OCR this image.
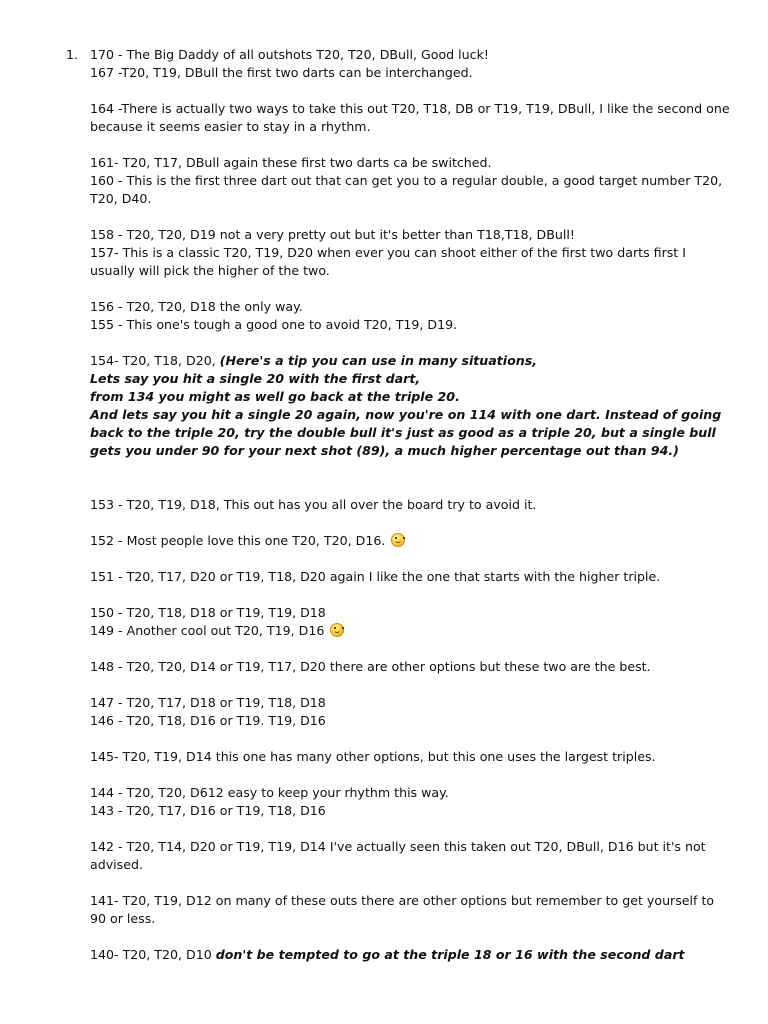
1. 170 - The Big Daddy of all outshots T20, T20, DBull, Good luck!

167 -T20, T19, DBull the first two darts can be interchanged.

164 -There is actually two ways to take this out T20, T18, DB or T19, T19, DBull, I like the second one because it seems easier to stay in a rhythm.

161- T20, T17, DBull again these first two darts ca be switched.

160 - This is the first three dart out that can get you to a regular double, a good target number T20, T20, D40.

158 - T20, T20, D19 not a very pretty out but it's better than T18,T18, DBull!

157- This is a classic T20, T19, D20 when ever you can shoot either of the first two darts first I usually will pick the higher of the two.

156 - T20, T20, D18 the only way.

155 - This one's tough a good one to avoid T20, T19, D19.

154- T20, T18, D20, (Here's a tip you can use in many situations,

Lets say you hit a single 20 with the first dart,

from 134 you might as well go back at the triple 20.

And lets say you hit a single 20 again, now you're on 114 with one dart. Instead of going back to the triple 20, try the double bull it's just as good as a triple 20, but a single bull gets you under 90 for your next shot (89), a much higher percentage out than 94.)

153 - T20, T19, D18, This out has you all over the board try to avoid it.

152 - Most people love this one T20, T20, D16.

151 - T20, T17, D20 or T19, T18, D20 again I like the one that starts with the higher triple.

150 - T20, T18, D18 or T19, T19, D18

149 - Another cool out T20, T19, D16

148 - T20, T20, D14 or T19, T17, D20 there are other options but these two are the best.

147 - T20, T17, D18 or T19, T18, D18

146 - T20, T18, D16 or T19. T19, D16

145- T20, T19, D14 this one has many other options, but this one uses the largest triples.

144 - T20, T20, D612 easy to keep your rhythm this way.

143 - T20, T17, D16 or T19, T18, D16

142 - T20, T14, D20 or T19, T19, D14 I've actually seen this taken out T20, DBull, D16 but it's not advised.

141- T20, T19, D12 on many of these outs there are other options but remember to get yourself to 90 or less.

140- T20, T20, D10 don't be tempted to go at the triple 18 or 16 with the second dart
